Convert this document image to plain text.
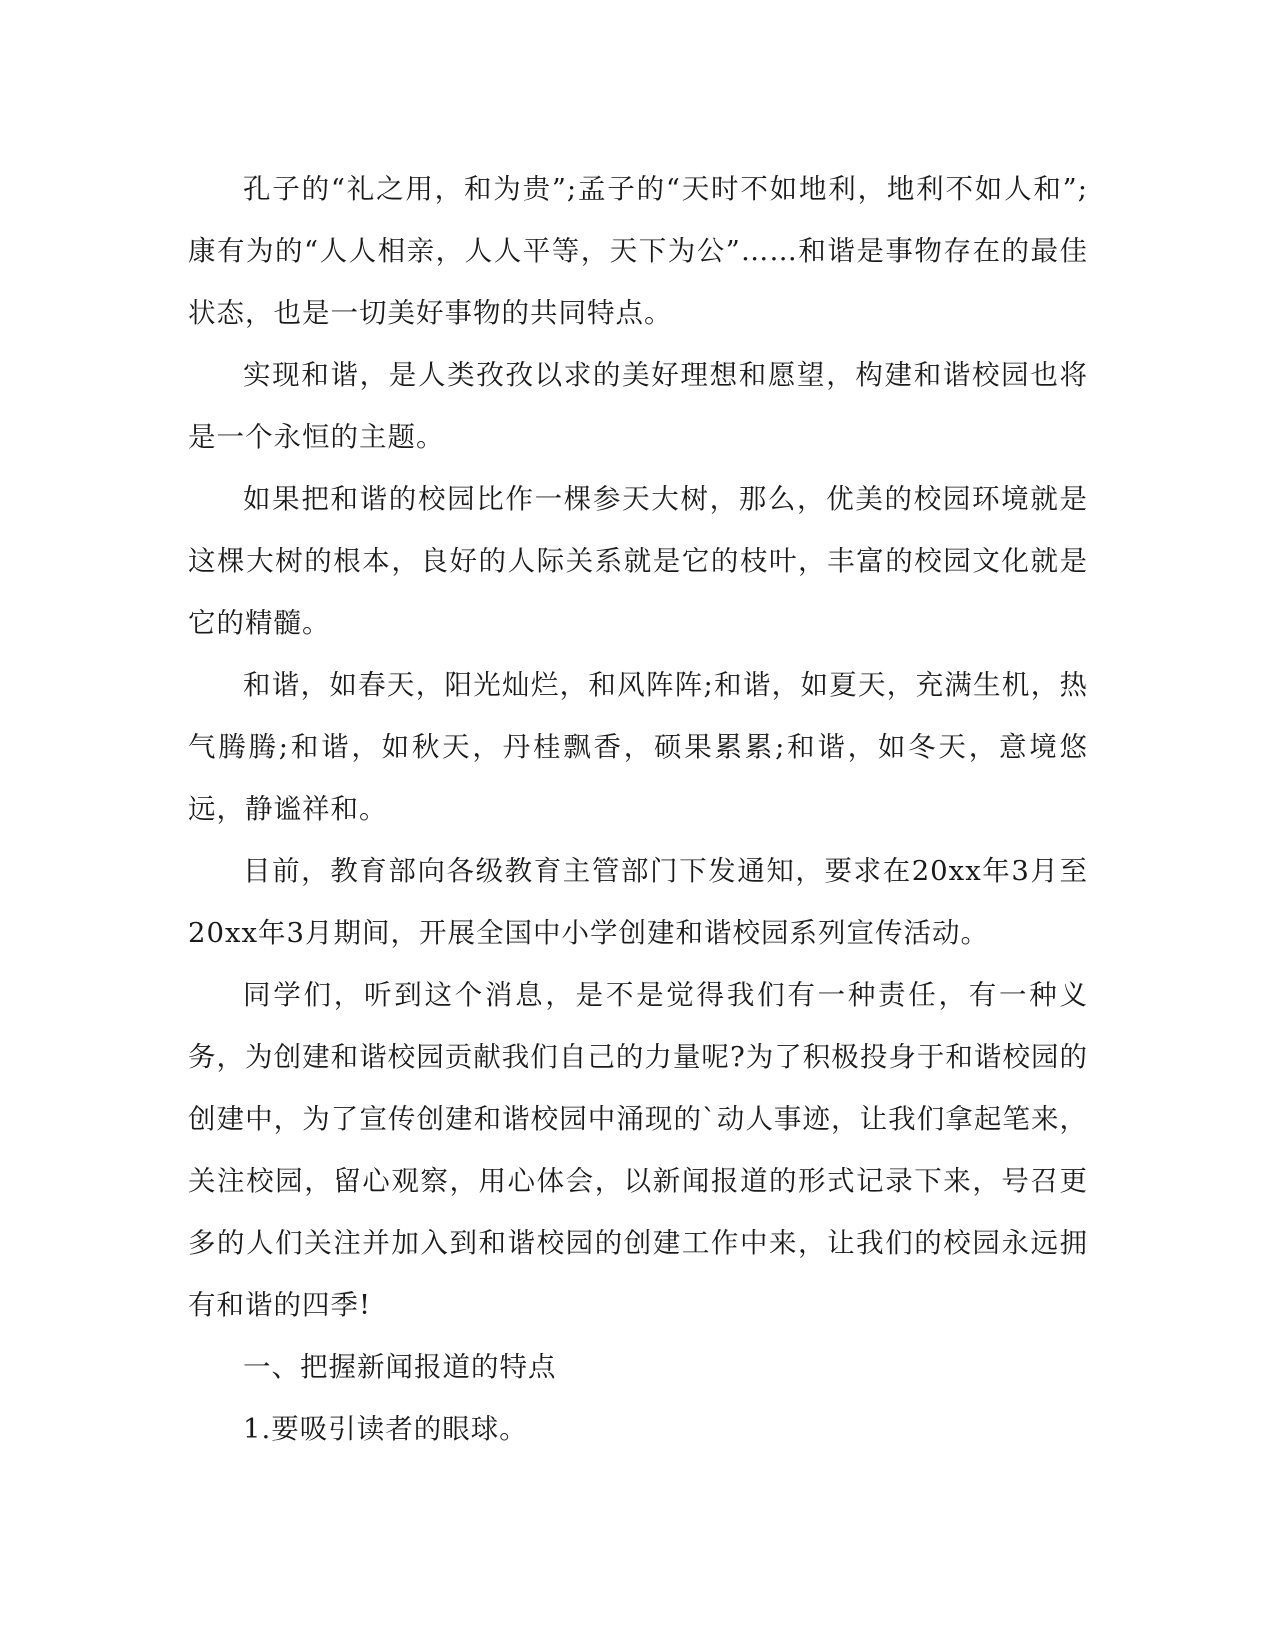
孔子的“礼之用，和为贵”;孟子的“天时不如地利，地利不如人和”;康有为的“人人相亲，人人平等，天下为公”……和谐是事物存在的最佳状态，也是一切美好事物的共同特点。

实现和谐，是人类孜孜以求的美好理想和愿望，构建和谐校园也将是一个永恒的主题。

如果把和谐的校园比作一棵参天大树，那么，优美的校园环境就是这棵大树的根本，良好的人际关系就是它的枝叶，丰富的校园文化就是它的精髓。

和谐，如春天，阳光灿烂，和风阵阵;和谐，如夏天，充满生机，热气腾腾;和谐，如秋天，丹桂飘香，硕果累累;和谐，如冬天，意境悠远，静谧祥和。

目前，教育部向各级教育主管部门下发通知，要求在20xx年3月至20xx年3月期间，开展全国中小学创建和谐校园系列宣传活动。

同学们，听到这个消息，是不是觉得我们有一种责任，有一种义务，为创建和谐校园贡献我们自己的力量呢?为了积极投身于和谐校园的创建中，为了宣传创建和谐校园中涌现的`动人事迹，让我们拿起笔来，关注校园，留心观察，用心体会，以新闻报道的形式记录下来，号召更多的人们关注并加入到和谐校园的创建工作中来，让我们的校园永远拥有和谐的四季!

一、把握新闻报道的特点

1.要吸引读者的眼球。
